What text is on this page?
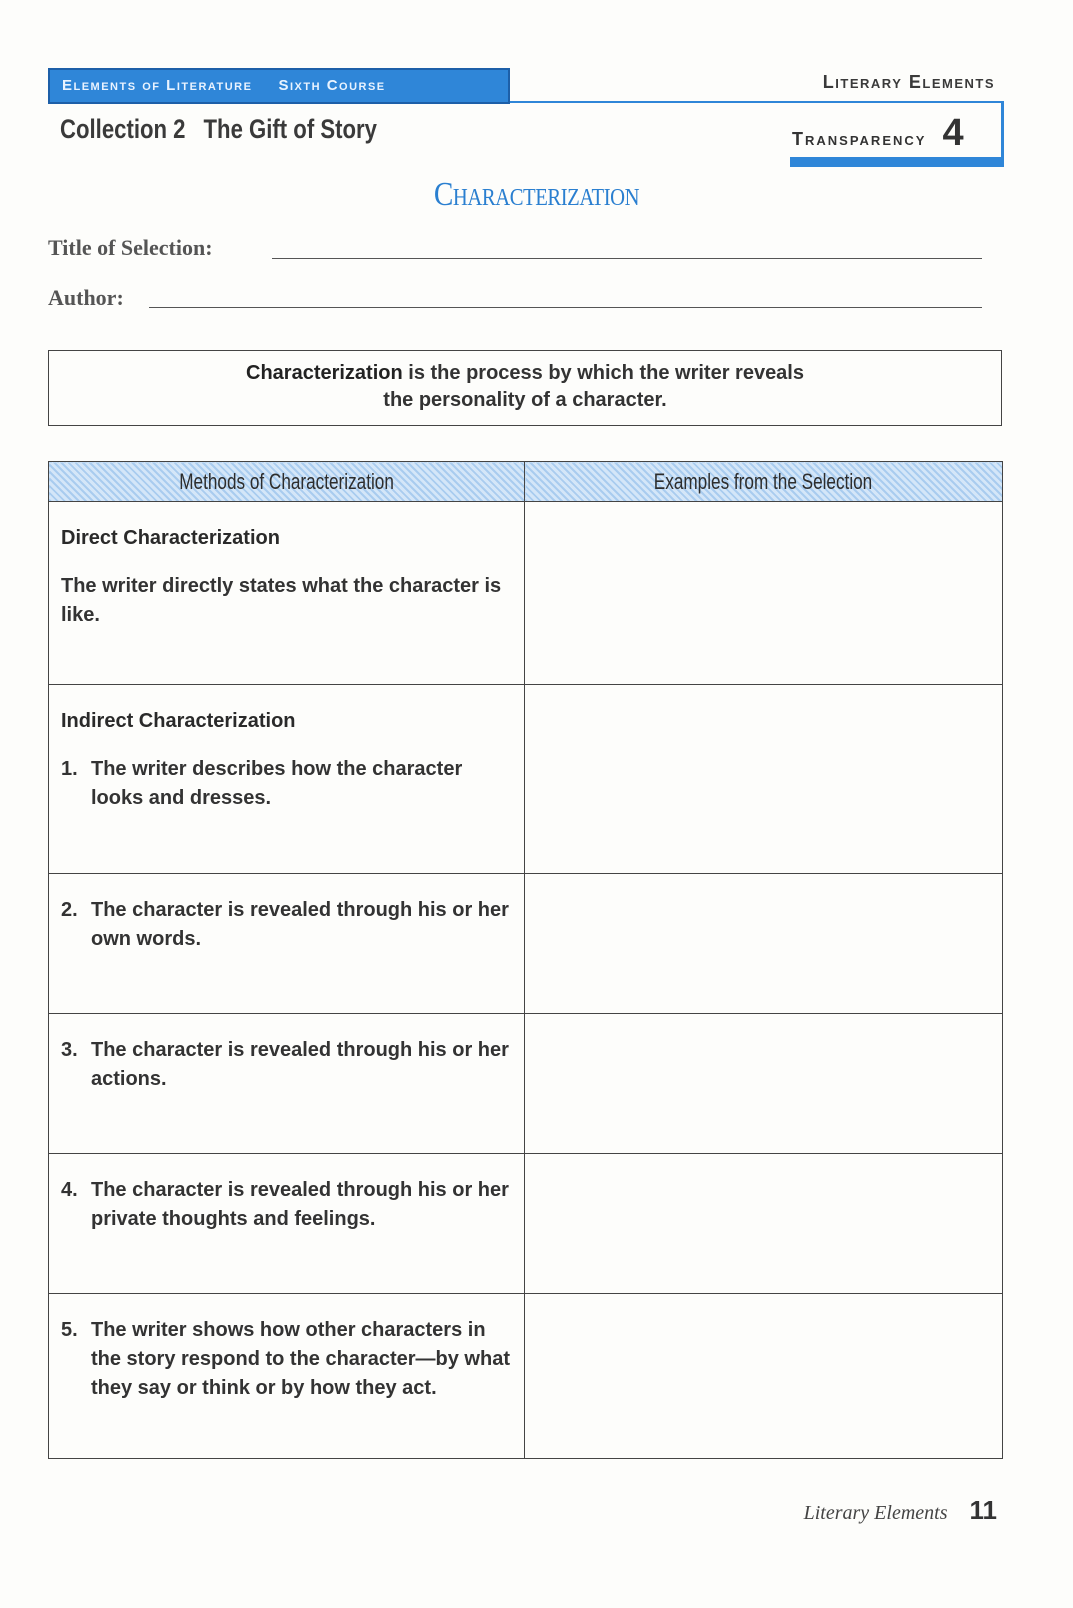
Elements of Literature Sixth Course	Literary Elements
Transparency 4
Collection 2 The Gift of Story
Characterization
Title of Selection:
Author:
Characterization is the process by which the writer reveals
the personality of a character.
Methods of Characterization	Examples from the Selection

Direct Characterization
The writer directly states what the character is like.	

Indirect Characterization
1. The writer describes how the character looks and dresses.	

2. The character is revealed through his or her own words.	

3. The character is revealed through his or her actions.	

4. The character is revealed through his or her private thoughts and feelings.	

5. The writer shows how other characters in the story respond to the character—by what they say or think or by how they act.	

Literary Elements 11
